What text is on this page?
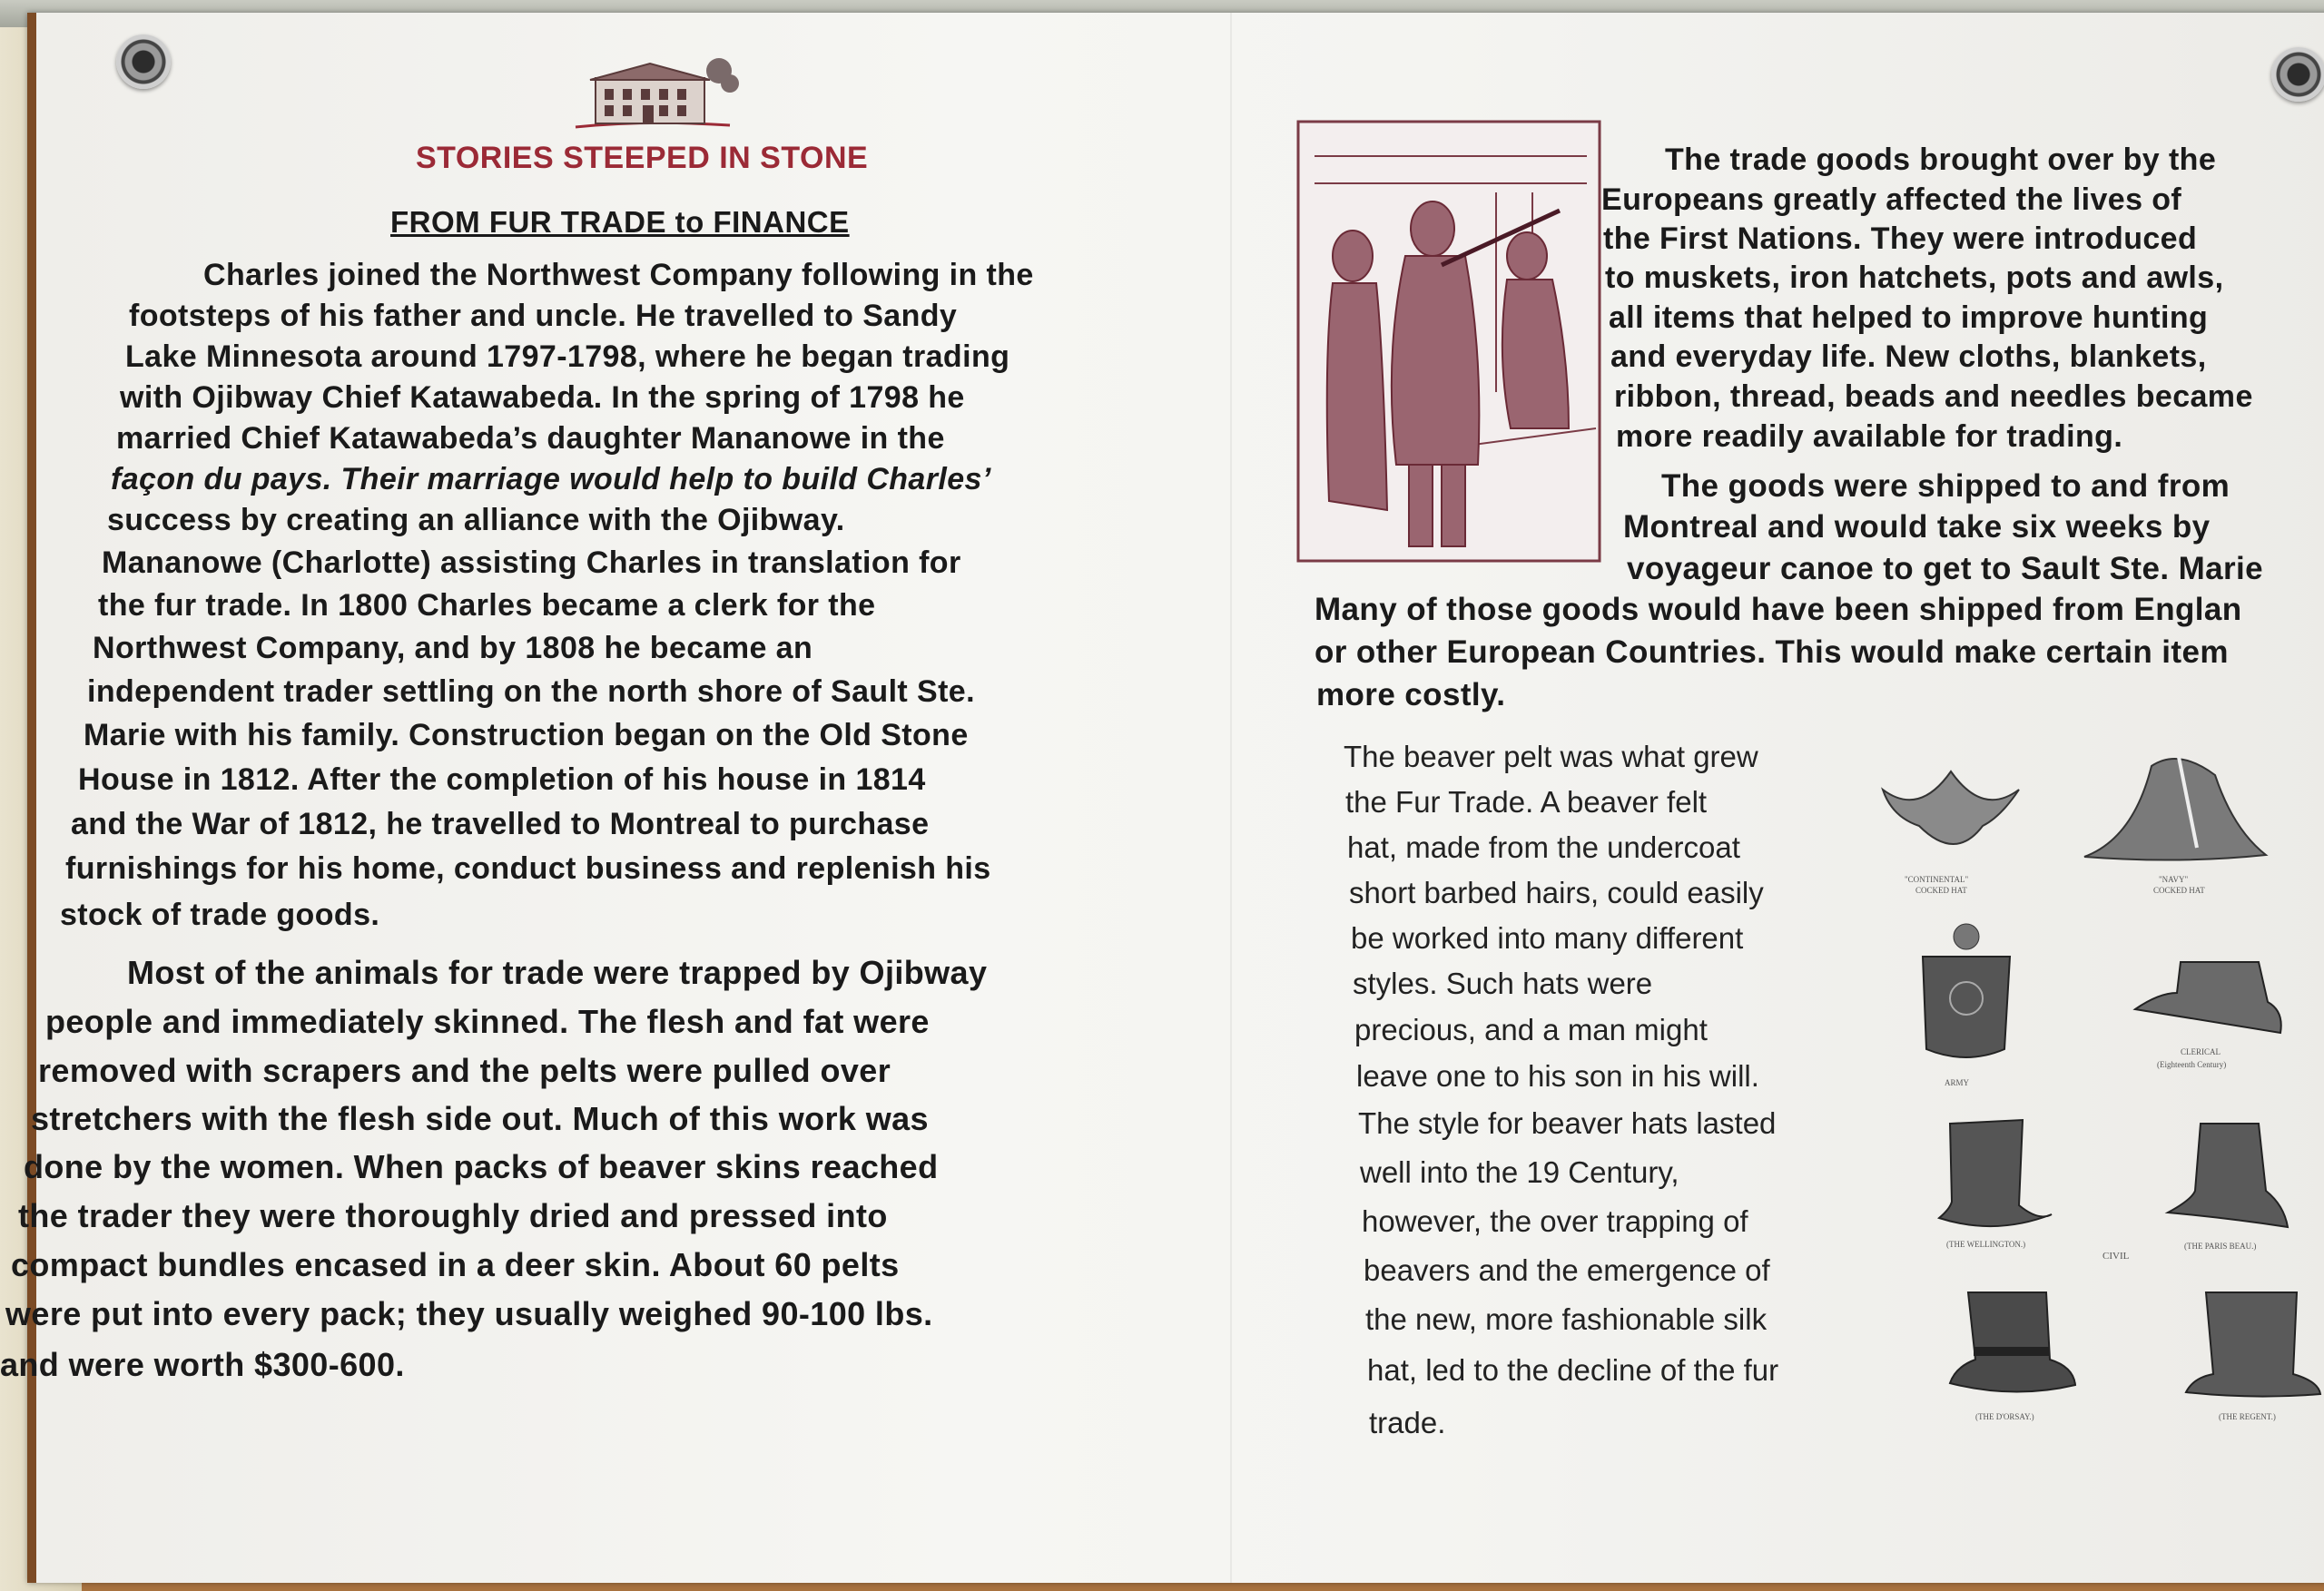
STORIES STEEPED IN STONE
FROM FUR TRADE to FINANCE
Charles joined the Northwest Company following in the
footsteps of his father and uncle. He travelled to Sandy
Lake Minnesota around 1797-1798, where he began trading
with Ojibway Chief Katawabeda. In the spring of 1798 he
married Chief Katawabeda’s daughter Mananowe in the
façon du pays. Their marriage would help to build Charles’
success by creating an alliance with the Ojibway.
Mananowe (Charlotte) assisting Charles in translation for
the fur trade. In 1800 Charles became a clerk for the
Northwest Company, and by 1808 he became an
independent trader settling on the north shore of Sault Ste.
Marie with his family. Construction began on the Old Stone
House in 1812. After the completion of his house in 1814
and the War of 1812, he travelled to Montreal to purchase
furnishings for his home, conduct business and replenish his
stock of trade goods.
Most of the animals for trade were trapped by Ojibway
people and immediately skinned. The flesh and fat were
removed with scrapers and the pelts were pulled over
stretchers with the flesh side out. Much of this work was
done by the women. When packs of beaver skins reached
the trader they were thoroughly dried and pressed into
compact bundles encased in a deer skin. About 60 pelts
were put into every pack; they usually weighed 90-100 lbs.
and were worth $300-600.
The trade goods brought over by the
Europeans greatly affected the lives of
the First Nations. They were introduced
to muskets, iron hatchets, pots and awls,
all items that helped to improve hunting
and everyday life. New cloths, blankets,
ribbon, thread, beads and needles became
more readily available for trading.
The goods were shipped to and from
Montreal and would take six weeks by
voyageur canoe to get to Sault Ste. Marie
Many of those goods would have been shipped from Englan
or other European Countries. This would make certain item
more costly.
The beaver pelt was what grew
the Fur Trade. A beaver felt
hat, made from the undercoat
short barbed hairs, could easily
be worked into many different
styles. Such hats were
precious, and a man might
leave one to his son in his will.
The style for beaver hats lasted
well into the 19 Century,
however, the over trapping of
beavers and the emergence of
the new, more fashionable silk
hat, led to the decline of the fur
trade.
"CONTINENTAL"
COCKED HAT
"NAVY"
COCKED HAT
ARMY
CLERICAL
(Eighteenth Century)
(THE WELLINGTON.)
CIVIL
(THE PARIS BEAU.)
(THE D'ORSAY.)	(THE REGENT.)
